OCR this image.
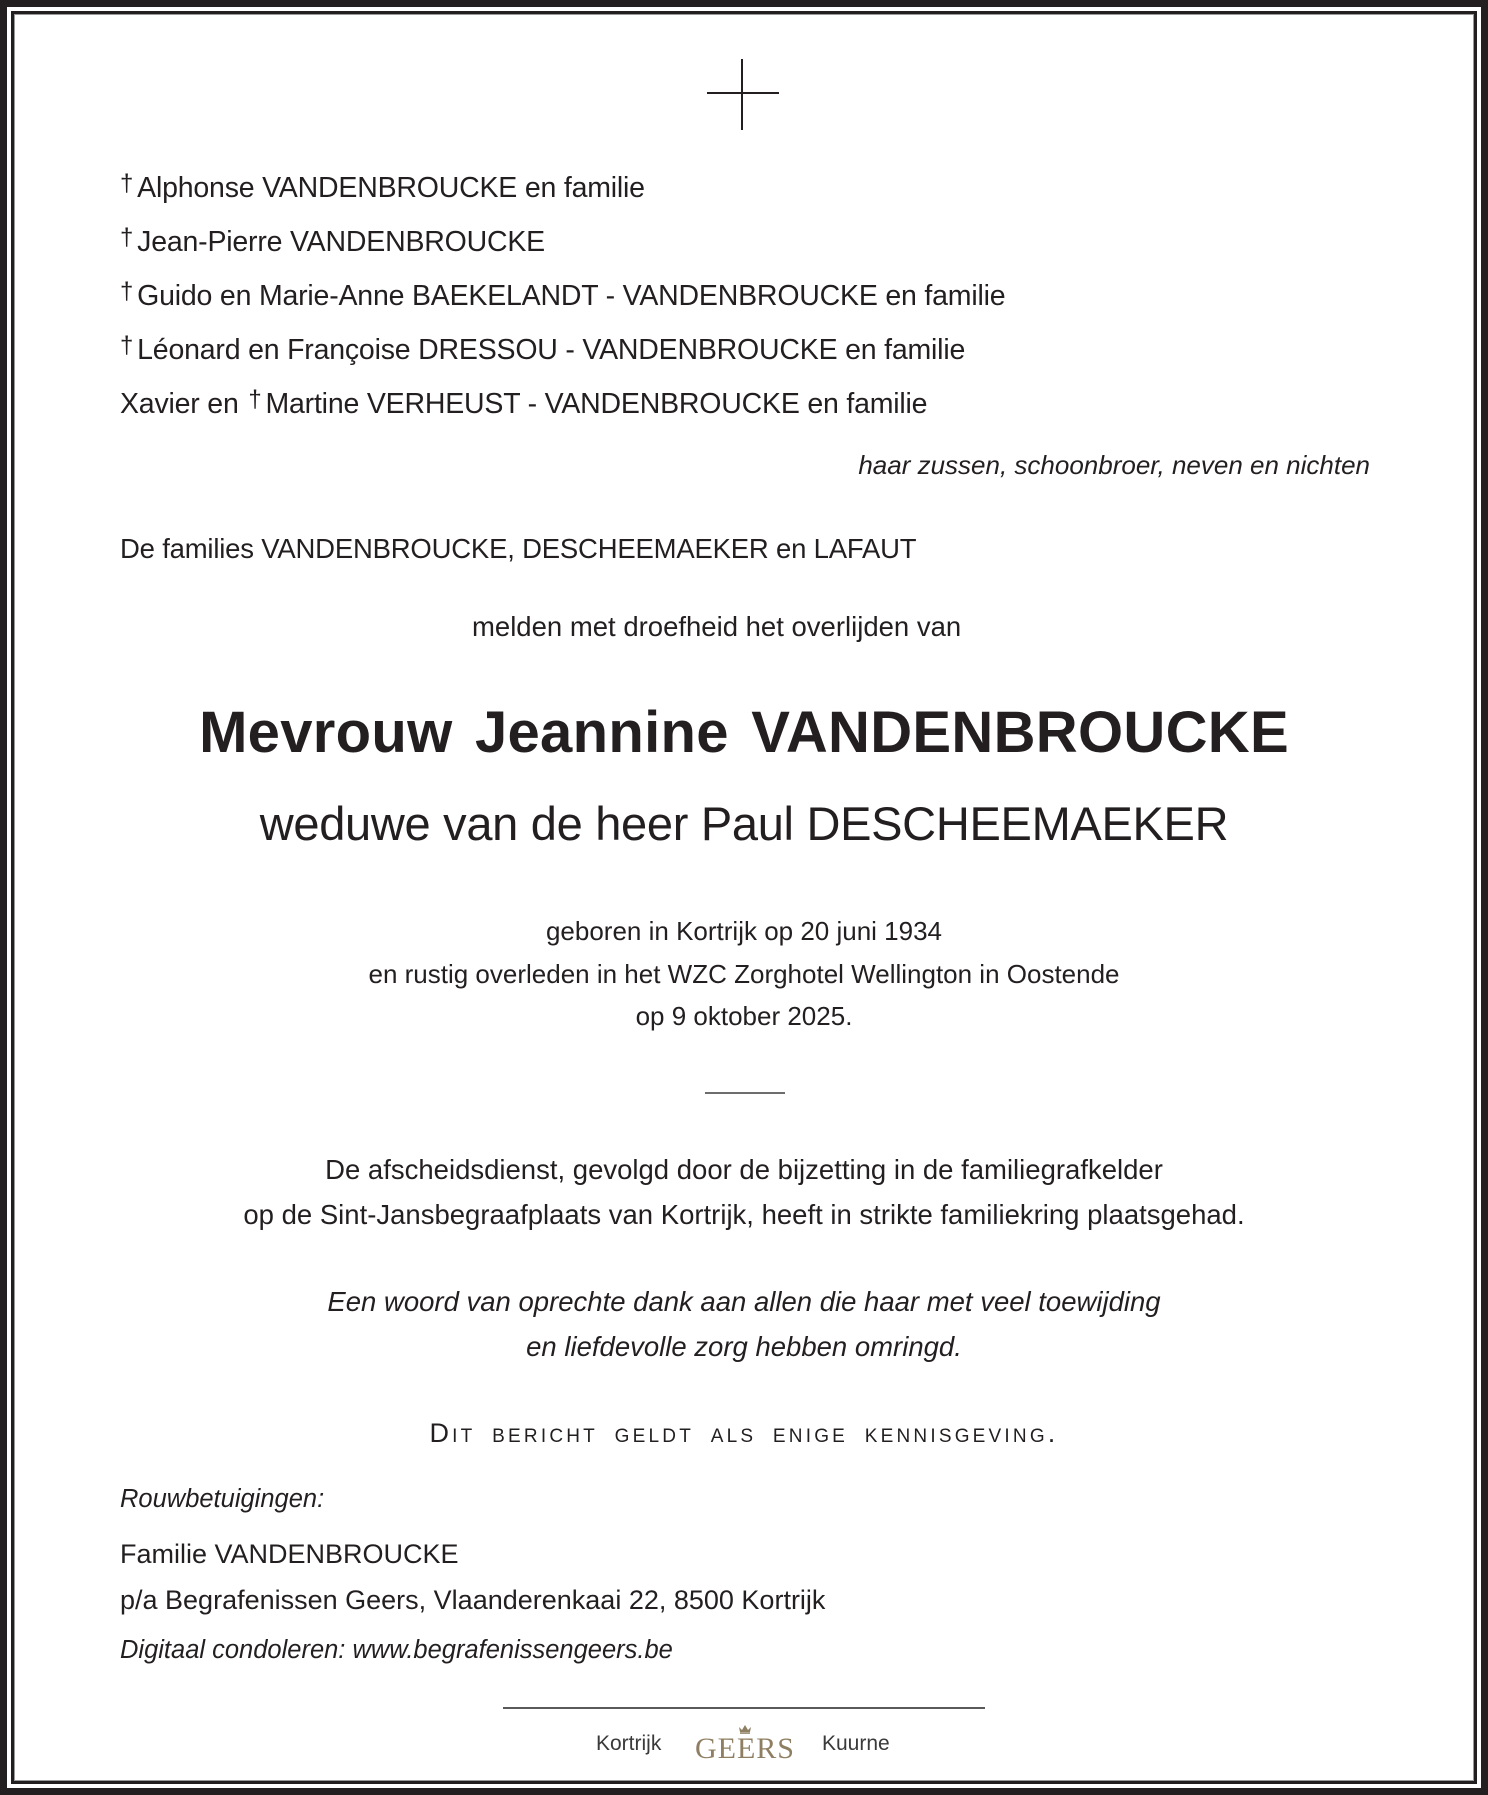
† Alphonse VANDENBROUCKE en familie
† Jean-Pierre VANDENBROUCKE
† Guido en Marie-Anne BAEKELANDT - VANDENBROUCKE en familie
† Léonard en Françoise DRESSOU - VANDENBROUCKE en familie
Xavier en † Martine VERHEUST - VANDENBROUCKE en familie
haar zussen, schoonbroer, neven en nichten
De families VANDENBROUCKE, DESCHEEMAEKER en LAFAUT
melden met droefheid het overlijden van
Mevrouw Jeannine VANDENBROUCKE
weduwe van de heer Paul DESCHEEMAEKER
geboren in Kortrijk op 20 juni 1934
en rustig overleden in het WZC Zorghotel Wellington in Oostende
op 9 oktober 2025.
De afscheidsdienst, gevolgd door de bijzetting in de familiegrafkelder
op de Sint-Jansbegraafplaats van Kortrijk, heeft in strikte familiekring plaatsgehad.
Een woord van oprechte dank aan allen die haar met veel toewijding
en liefdevolle zorg hebben omringd.
Dit bericht geldt als enige kennisgeving.
Rouwbetuigingen:
Familie VANDENBROUCKE
p/a Begrafenissen Geers, Vlaanderenkaai 22, 8500 Kortrijk
Digitaal condoleren: www.begrafenissengeers.be
Kortrijk GEERS Kuurne
